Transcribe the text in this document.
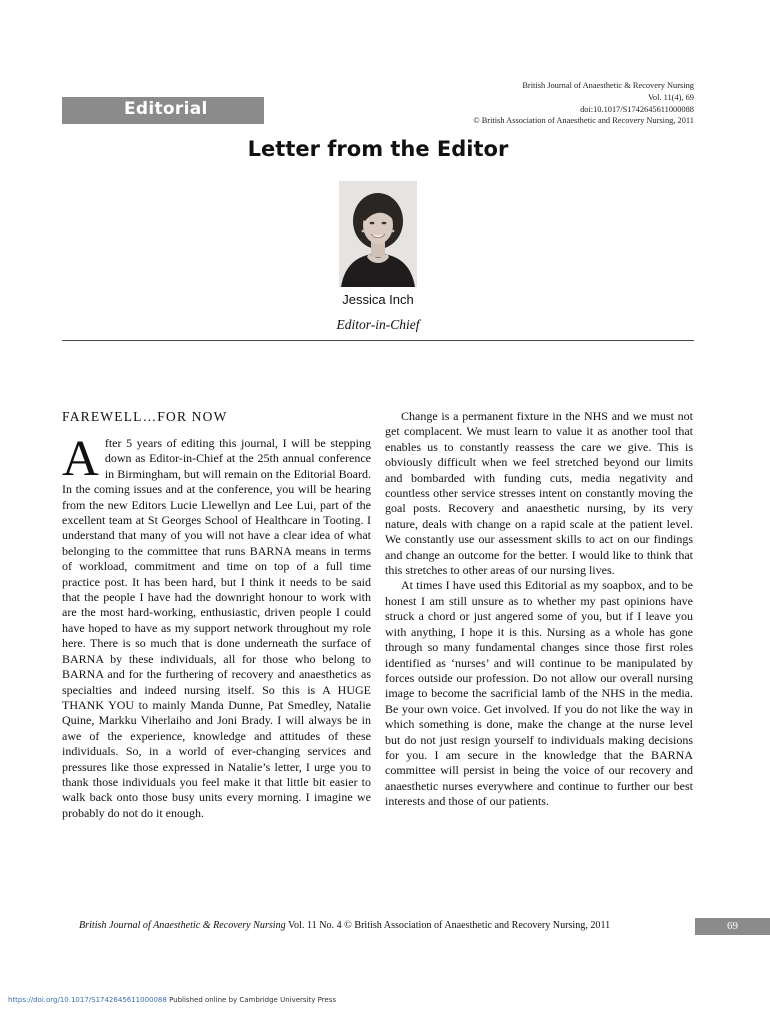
Editorial
British Journal of Anaesthetic & Recovery Nursing
Vol. 11(4), 69
doi:10.1017/S1742645611000088
© British Association of Anaesthetic and Recovery Nursing, 2011
Letter from the Editor
Jessica Inch
Editor-in-Chief
FAREWELL…FOR NOW

After 5 years of editing this journal, I will be stepping down as Editor-in-Chief at the 25th annual conference in Birmingham, but will remain on the Editorial Board. In the coming issues and at the conference, you will be hearing from the new Editors Lucie Llewellyn and Lee Lui, part of the excellent team at St Georges School of Healthcare in Tooting. I understand that many of you will not have a clear idea of what belonging to the committee that runs BARNA means in terms of workload, commitment and time on top of a full time practice post. It has been hard, but I think it needs to be said that the people I have had the downright honour to work with are the most hard-working, enthusiastic, driven people I could have hoped to have as my support network throughout my role here. There is so much that is done underneath the surface of BARNA by these individuals, all for those who belong to BARNA and for the furthering of recovery and anaesthetics as specialties and indeed nursing itself. So this is A HUGE THANK YOU to mainly Manda Dunne, Pat Smedley, Natalie Quine, Markku Viherlaiho and Joni Brady. I will always be in awe of the experience, knowledge and attitudes of these individuals. So, in a world of ever-changing services and pressures like those expressed in Natalie’s letter, I urge you to thank those individuals you feel make it that little bit easier to walk back onto those busy units every morning. I imagine we probably do not do it enough.

Change is a permanent fixture in the NHS and we must not get complacent. We must learn to value it as another tool that enables us to constantly reassess the care we give. This is obviously difficult when we feel stretched beyond our limits and bombarded with funding cuts, media negativity and countless other service stresses intent on constantly moving the goal posts. Recovery and anaesthetic nursing, by its very nature, deals with change on a rapid scale at the patient level. We constantly use our assessment skills to act on our findings and change an outcome for the better. I would like to think that this stretches to other areas of our nursing lives.

At times I have used this Editorial as my soapbox, and to be honest I am still unsure as to whether my past opinions have struck a chord or just angered some of you, but if I leave you with anything, I hope it is this. Nursing as a whole has gone through so many fundamental changes since those first roles identified as ‘nurses’ and will continue to be manipulated by forces outside our profession. Do not allow our overall nursing image to become the sacrificial lamb of the NHS in the media. Be your own voice. Get involved. If you do not like the way in which something is done, make the change at the nurse level but do not just resign yourself to individuals making decisions for you. I am secure in the knowledge that the BARNA committee will persist in being the voice of our recovery and anaesthetic nurses everywhere and continue to further our best interests and those of our patients.

British Journal of Anaesthetic & Recovery Nursing Vol. 11 No. 4 © British Association of Anaesthetic and Recovery Nursing, 2011	69
https://doi.org/10.1017/S1742645611000088 Published online by Cambridge University Press
